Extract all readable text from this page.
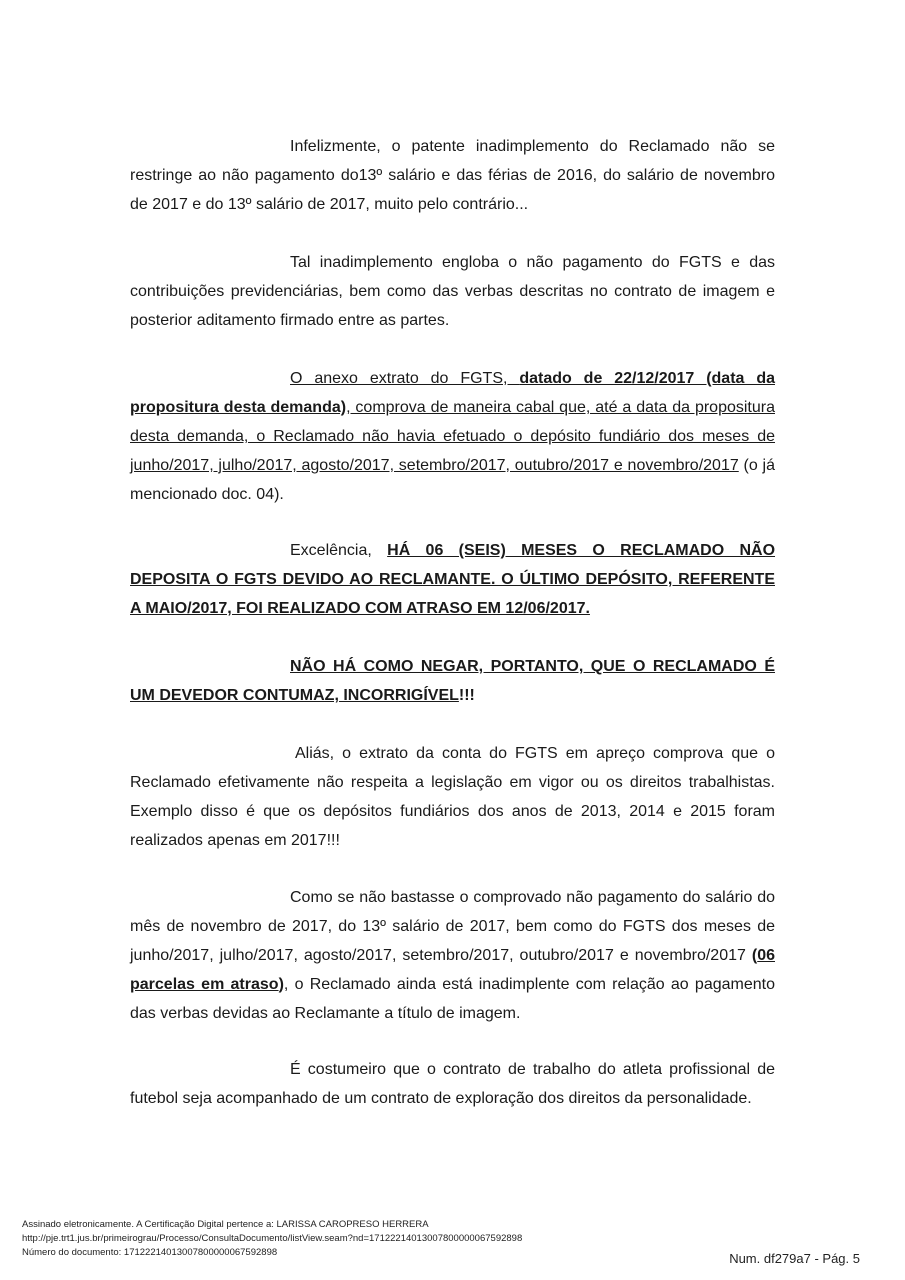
Infelizmente, o patente inadimplemento do Reclamado não se restringe ao não pagamento do13º salário e das férias de 2016, do salário de novembro de 2017 e do 13º salário de 2017, muito pelo contrário...

Tal inadimplemento engloba o não pagamento do FGTS e das contribuições previdenciárias, bem como das verbas descritas no contrato de imagem e posterior aditamento firmado entre as partes.

O anexo extrato do FGTS, datado de 22/12/2017 (data da propositura desta demanda), comprova de maneira cabal que, até a data da propositura desta demanda, o Reclamado não havia efetuado o depósito fundiário dos meses de junho/2017, julho/2017, agosto/2017, setembro/2017, outubro/2017 e novembro/2017 (o já mencionado doc. 04).

Excelência, HÁ 06 (SEIS) MESES O RECLAMADO NÃO DEPOSITA O FGTS DEVIDO AO RECLAMANTE. O ÚLTIMO DEPÓSITO, REFERENTE A MAIO/2017, FOI REALIZADO COM ATRASO EM 12/06/2017.

NÃO HÁ COMO NEGAR, PORTANTO, QUE O RECLAMADO É UM DEVEDOR CONTUMAZ, INCORRIGÍVEL!!!

Aliás, o extrato da conta do FGTS em apreço comprova que o Reclamado efetivamente não respeita a legislação em vigor ou os direitos trabalhistas. Exemplo disso é que os depósitos fundiários dos anos de 2013, 2014 e 2015 foram realizados apenas em 2017!!!

Como se não bastasse o comprovado não pagamento do salário do mês de novembro de 2017, do 13º salário de 2017, bem como do FGTS dos meses de junho/2017, julho/2017, agosto/2017, setembro/2017, outubro/2017 e novembro/2017 (06 parcelas em atraso), o Reclamado ainda está inadimplente com relação ao pagamento das verbas devidas ao Reclamante a título de imagem.

É costumeiro que o contrato de trabalho do atleta profissional de futebol seja acompanhado de um contrato de exploração dos direitos da personalidade.

Assinado eletronicamente. A Certificação Digital pertence a: LARISSA CAROPRESO HERRERA
http://pje.trt1.jus.br/primeirograu/Processo/ConsultaDocumento/listView.seam?nd=17122214013007800000067592898
Número do documento: 17122214013007800000067592898	Num. df279a7 - Pág. 5
